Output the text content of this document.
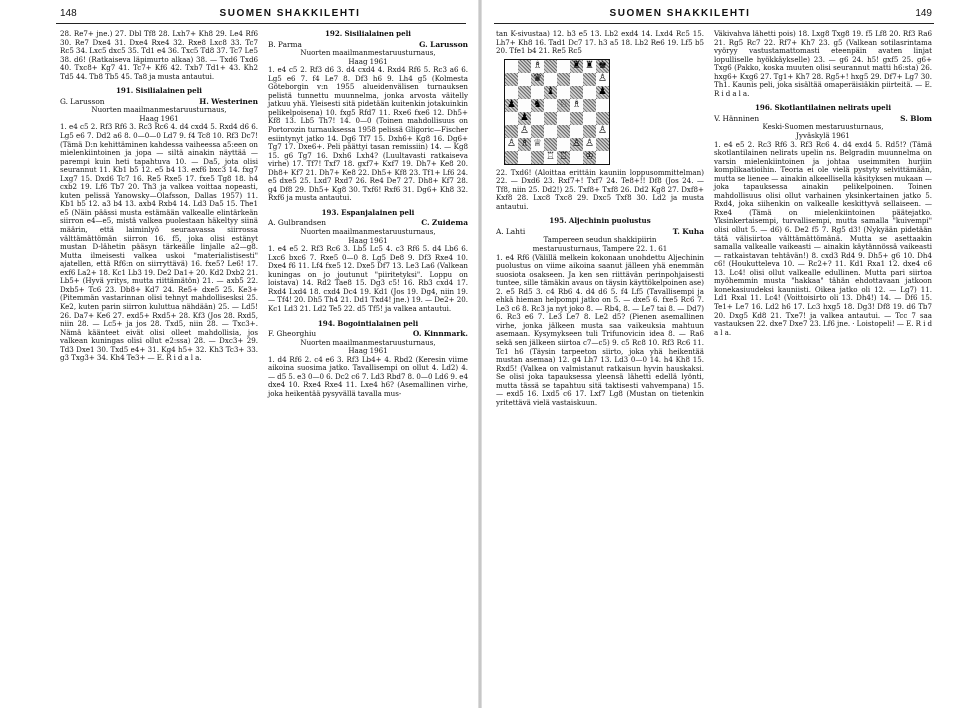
148	SUOMEN SHAKKILEHTI

28. Re7+ jne.) 27. Dbl Tf8 28. Lxh7+ Kh8 29. Le4 Rf6 30. Re7 Dxe4 31. Dxe4 Rxe4 32. Rxe8 Lxc8 33. Tc7 Rc5 34. Lxc5 dxc5 35. Td1 e4 36. Txc5 Td8 37. Tc7 Le5 38. d6! (Ratkaiseva läpimurto alkaa) 38. — Txd6 Txd6 40. Txc8+ Kg7 41. Tc7+ Kf6 42. Txb7 Td1+ 43. Kh2 Td5 44. Tb8 Tb5 45. Ta8 ja musta antautui.

191. Sisilialainen peli

G. Larusson	H. Westerinen

Nuorten maailmanmestaruusturnaus,

Haag 1961

1. e4 c5 2. Rf3 Rf6 3. Rc3 Rc6 4. d4 cxd4 5. Rxd4 d6 6. Lg5 e6 7. Dd2 a6 8. 0—0—0 Ld7 9. f4 Tc8 10. Rf3 Dc7! (Tämä D:n kehittäminen kahdessa vaiheessa a5:een on mielenkiintoinen ja jopa — siltä ainakin näyttää — parempi kuin heti tapahtuva 10. — Da5, jota olisi seurannut 11. Kb1 b5 12. e5 b4 13. exf6 bxc3 14. fxg7 Lxg7 15. Dxd6 Tc7 16. Re5 Rxe5 17. fxe5 Tg8 18. h4 cxb2 19. Lf6 Tb7 20. Th3 ja valkea voittaa nopeasti, kuten pelissä Yanowsky—Olafsson, Dallas 1957) 11. Kb1 b5 12. a3 b4 13. axb4 Rxb4 14. Ld3 Da5 15. The1 e5 (Näin päässi musta estämään valkealle elintärkeän siirron e4—e5, mistä valkea puolestaan häkeltyy siinä määrin, että laiminlyö seuraavassa siirrossa välttämättömän siirron 16. f5, joka olisi estänyt mustan D-lähetin pääsyn tärkeälle linjalle a2—g8. Mutta ilmeisesti valkea uskoi "materialistisesti" ajatellen, että Rf6:n on siirryttävä) 16. fxe5? Le6! 17. exf6 La2+ 18. Kc1 Lb3 19. De2 Da1+ 20. Kd2 Dxb2 21. Lb5+ (Hyvä yritys, mutta riittämätön) 21. — axb5 22. Dxb5+ Tc6 23. Db8+ Kd7 24. Re5+ dxe5 25. Ke3+ (Pitemmän vastarinnan olisi tehnyt mahdollisesksi 25. Ke2, kuten parin siirron kuluttua nähdään) 25. — Ld5! 26. Da7+ Ke6 27. exd5+ Rxd5+ 28. Kf3 (Jos 28. Rxd5, niin 28. — Lc5+ ja jos 28. Txd5, niin 28. — Txc3+. Nämä käänteet eivät olisi olleet mahdollisia, jos valkean kuningas olisi ollut e2:ssa) 28. — Dxc3+ 29. Td3 Dxe1 30. Txd5 e4+ 31. Kg4 h5+ 32. Kh3 Tc3+ 33. g3 Txg3+ 34. Kh4 Te3+ — E. R i d a l a.

192. Sisilialainen peli

B. Parma	G. Larusson

Nuorten maailmanmestaruusturnaus,

Haag 1961

1. e4 c5 2. Rf3 d6 3. d4 cxd4 4. Rxd4 Rf6 5. Rc3 a6 6. Lg5 e6 7. f4 Le7 8. Df3 h6 9. Lh4 g5 (Kolmesta Göteborgin v:n 1955 alueidenvälisen turnauksen pelistä tunnettu muunnelma, jonka arvosta väitelly jatkuu yhä. Yleisesti sitä pidetään kuitenkin jotakuinkin pelikelpoisena) 10. fxg5 Rfd7 11. Rxe6 fxe6 12. Dh5+ Kf8 13. Lb5 Th7! 14. 0—0 (Toinen mahdollisuus on Portorozin turnauksessa 1958 pelissä Gligoric—Fischer esiintynyt jatko 14. Dg6 Tf7 15. Dxh6+ Kg8 16. Dg6+ Tg7 17. Dxe6+. Peli päättyi tasan remissiin) 14. — Kg8 15. g6 Tg7 16. Dxh6 Lxh4? (Luultavasti ratkaiseva virhe) 17. Tf7! Txf7 18. gxf7+ Kxf7 19. Dh7+ Ke8 20. Dh8+ Kf7 21. Dh7+ Ke8 22. Dh5+ Kf8 23. Tf1+ Lf6 24. e5 dxe5 25. Lxd7 Rxd7 26. Re4 De7 27. Dh8+ Kf7 28. g4 Df8 29. Dh5+ Kg8 30. Txf6! Rxf6 31. Dg6+ Kh8 32. Rxf6 ja musta antautui.

193. Espanjalainen peli

A. Gulbrandsen	C. Zuidema

Nuorten maailmanmestaruusturnaus,

Haag 1961

1. e4 e5 2. Rf3 Rc6 3. Lb5 Lc5 4. c3 Rf6 5. d4 Lb6 6. Lxc6 bxc6 7. Rxe5 0—0 8. Lg5 De8 9. Df3 Rxe4 10. Dxe4 f6 11. Lf4 fxe5 12. Dxe5 Df7 13. Le3 La6 (Valkean kuningas on jo joutunut "piiritetyksi". Loppu on loistava) 14. Rd2 Tae8 15. Dg3 c5! 16. Rb3 cxd4 17. Rxd4 Lxd4 18. cxd4 Dc4 19. Kd1 (Jos 19. Dg4, niin 19. — Tf4! 20. Dh5 Th4 21. Dd1 Txd4! jne.) 19. — De2+ 20. Kc1 Ld3 21. Ld2 Te5 22. d5 Tf5! ja valkea antautui.

194. Bogointialainen peli

F. Gheorghiu	O. Kinnmark.

Nuorten maailmanmestaruusturnaus,

Haag 1961

1. d4 Rf6 2. c4 e6 3. Rf3 Lb4+ 4. Rbd2 (Keresin viime aikoina suosima jatko. Tavallisempi on ollut 4. Ld2) 4. — d5 5. e3 0—0 6. Dc2 c6 7. Ld3 Rbd7 8. 0—0 Ld6 9. e4 dxe4 10. Rxe4 Rxe4 11. Lxe4 h6? (Asemallinen virhe, joka heikentää pysyvällä tavalla mus-

SUOMEN SHAKKILEHTI	149

tan K-sivustaa) 12. b3 e5 13. Lb2 exd4 14. Lxd4 Rc5 15. Lh7+ Kh8 16. Tad1 Dc7 17. h3 a5 18. Lb2 Re6 19. Lf5 b5 20. Tfe1 b4 21. Re5 Rc5

♗	♜ ♜ ♚
♛	♙
♝	♟
♟ ♞ ♘ ♗
♟
♙	♙
♙ ♗ ♕	♙ ♙
♖ ♖ ♔

22. Txd6! (Aloittaa erittäin kauniin loppusommittelman) 22. — Dxd6 23. Rxf7+! Txf7 24. Te8+!! Df8 (Jos 24. — Tf8, niin 25. Dd2!) 25. Txf8+ Txf8 26. Dd2 Kg8 27. Dxf8+ Kxf8 28. Lxc8 Txc8 29. Dxc5 Txf8 30. Ld2 ja musta antautui.

195. Aljechinin puolustus

A. Lahti	T. Kuha

Tampereen seudun shakkipiirin

mestaruusturnaus, Tampere 22. 1. 61

1. e4 Rf6 (Välillä melkein kokonaan unohdettu Aljechinin puolustus on viime aikoina saanut jälleen yhä enemmän suosiota osakseen. Ja ken sen riittävän perinpohjaisesti tuntee, sille tämäkin avaus on täysin käyttökelpoinen ase) 2. e5 Rd5 3. c4 Rb6 4. d4 d6 5. f4 Lf5 (Tavallisempi ja ehkä hieman helpompi jatko on 5. — dxe5 6. fxe5 Rc6 7. Le3 c6 8. Rc3 ja nyt joko 8. — Rb4, 8. — Le7 tai 8. — Dd7) 6. Rc3 e6 7. Le3 Le7 8. Le2 d5? (Pienen asemallinen virhe, jonka jälkeen musta saa vaikeuksia mahtuun asemaan. Kysymykseen tuli Trifunovicin idea 8. — Ra6 sekä sen jälkeen siirtoa c7—c5) 9. c5 Rc8 10. Rf3 Rc6 11. Tc1 h6 (Täysin tarpeeton siirto, joka yhä heikentää mustan asemaa) 12. g4 Lh7 13. Ld3 0—0 14. h4 Kh8 15. Rxd5! (Valkea on valmistanut ratkaisun hyvin hauskaksi. Se olisi joka tapauksessa yleensä lähetti edellä lyönti, mutta tässä se tapahtuu sitä taktisesti vahvempana) 15. — exd5 16. Lxd5 c6 17. Lxf7 Lg8 (Mustan on tietenkin yritettävä vielä vastaiskuun.

Väkivahva lähetti pois) 18. Lxg8 Txg8 19. f5 Lf8 20. Rf3 Ra6 21. Rg5 Rc7 22. Rf7+ Kh7 23. g5 (Valkean sotilasrintama vyöryy vastustamattomasti eteenpäin avaten linjat lopulliselle hyökkäykselle) 23. — g6 24. h5! gxf5 25. g6+ Txg6 (Pakko, koska muuten olisi seurannut matti h6:sta) 26. hxg6+ Kxg6 27. Tg1+ Kh7 28. Rg5+! hxg5 29. Df7+ Lg7 30. Th1. Kaunis peli, joka sisältää omaperäisiäkin piirteitä. — E. R i d a l a.

196. Skotlantilainen nelirats upeli

V. Hänninen	S. Blom

Keski-Suomen mestaruusturnaus,

Jyväskylä 1961

1. e4 e5 2. Rc3 Rf6 3. Rf3 Rc6 4. d4 exd4 5. Rd5!? (Tämä skotlantilainen nelirats upelin ns. Belgradin muunnelma on varsin mielenkiintoinen ja johtaa useimmiten hurjiin komplikaatioihin. Teoria ei ole vielä pystyty selvittämään, mutta se lienee — ainakin alkeellisella käsityksen mukaan — joka tapauksessa ainakin pelikelpoinen. Toinen mahdollisuus olisi ollut varhainen yksinkertainen jatko 5. Rxd4, joka siihenkin on valkealle keskittyvä sellaiseen. — Rxe4 (Tämä on mielenkiintoinen päätejatko. Yksinkertaisempi, turvallisempi, mutta samalla "kuivempi" olisi ollut 5. — d6) 6. De2 f5 7. Rg5 d3! (Nykyään pidetään tätä välisiirtoa välttämättömänä. Mutta se asettaakin samalla valkealle vaikeasti — ainakin käytännössä vaikeasti — ratkaistavan tehtävän!) 8. cxd3 Rd4 9. Dh5+ g6 10. Dh4 c6! (Houkutteleva 10. — Rc2+? 11. Kd1 Rxa1 12. dxe4 c6 13. Lc4! olisi ollut valkealle edullinen. Mutta pari siirtoa myöhemmin musta "hakkaa" tähän ehdottavaan jatkoon konekasiuudeksi kauniisti. Oikea jatko oli 12. — Lg7) 11. Ld1 Rxal 11. Lc4! (Voittoisirto oli 13. Dh4!) 14. — Df6 15. Te1+ Le7 16. Ld2 h6 17. Lc3 hxg5 18. Dg3! Df8 19. d6 Tb7 20. Dxg5 Kd8 21. Txe7! ja valkea antautui. — Tcc 7 saa vastauksen 22. dxe7 Dxe7 23. Lf6 jne. · Loistopeli! — E. R i d a l a.
